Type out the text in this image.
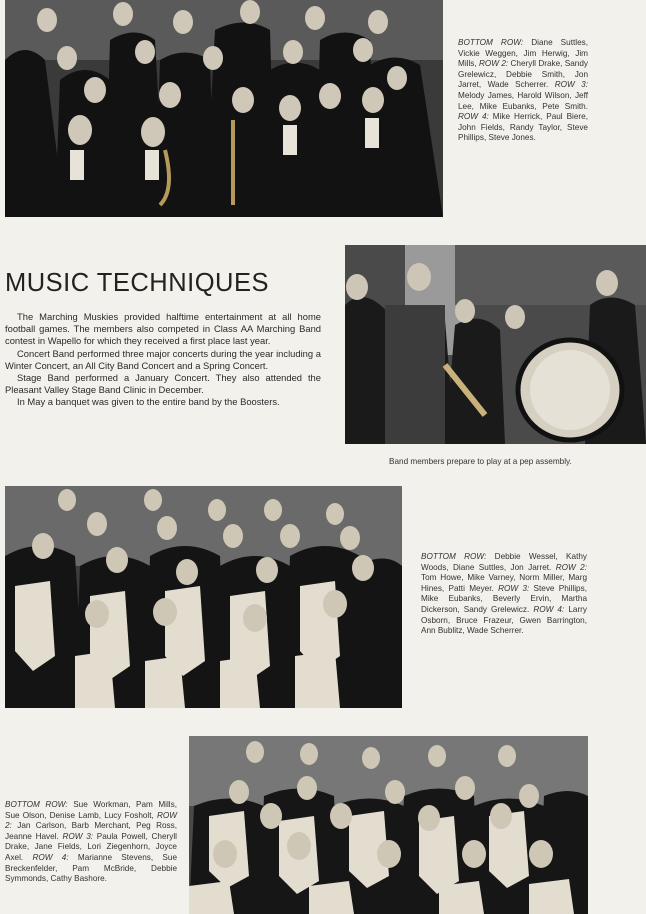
BOTTOM ROW: Diane Suttles, Vickie Weggen, Jim Herwig, Jim Mills, ROW 2: Cheryll Drake, Sandy Grelewicz, Debbie Smith, Jon Jarret, Wade Scherrer. ROW 3: Melody James, Harold Wilson, Jeff Lee, Mike Eubanks, Pete Smith. ROW 4: Mike Herrick, Paul Biere, John Fields, Randy Taylor, Steve Phillips, Steve Jones.

MUSIC TECHNIQUES

The Marching Muskies provided halftime entertainment at all home football games. The members also competed in Class AA Marching Band contest in Wapello for which they received a first place last year.

Concert Band performed three major concerts during the year including a Winter Concert, an All City Band Concert and a Spring Concert.

Stage Band performed a January Concert. They also attended the Pleasant Valley Stage Band Clinic in December.

In May a banquet was given to the entire band by the Boosters.

Band members prepare to play at a pep assembly.

BOTTOM ROW: Debbie Wessel, Kathy Woods, Diane Suttles, Jon Jarret. ROW 2: Tom Howe, Mike Varney, Norm Miller, Marg Hines, Patti Meyer. ROW 3: Steve Phillips, Mike Eubanks, Beverly Ervin, Martha Dickerson, Sandy Grelewicz. ROW 4: Larry Osborn, Bruce Frazeur, Gwen Barrington, Ann Bublitz, Wade Scherrer.

BOTTOM ROW: Sue Workman, Pam Mills, Sue Olson, Denise Lamb, Lucy Fosholt, ROW 2: Jan Carlson, Barb Merchant, Peg Ross, Jeanne Havel. ROW 3: Paula Powell, Cheryll Drake, Jane Fields, Lori Ziegenhorn, Joyce Axel. ROW 4: Marianne Stevens, Sue Breckenfelder, Pam McBride, Debbie Symmonds, Cathy Bashore.
